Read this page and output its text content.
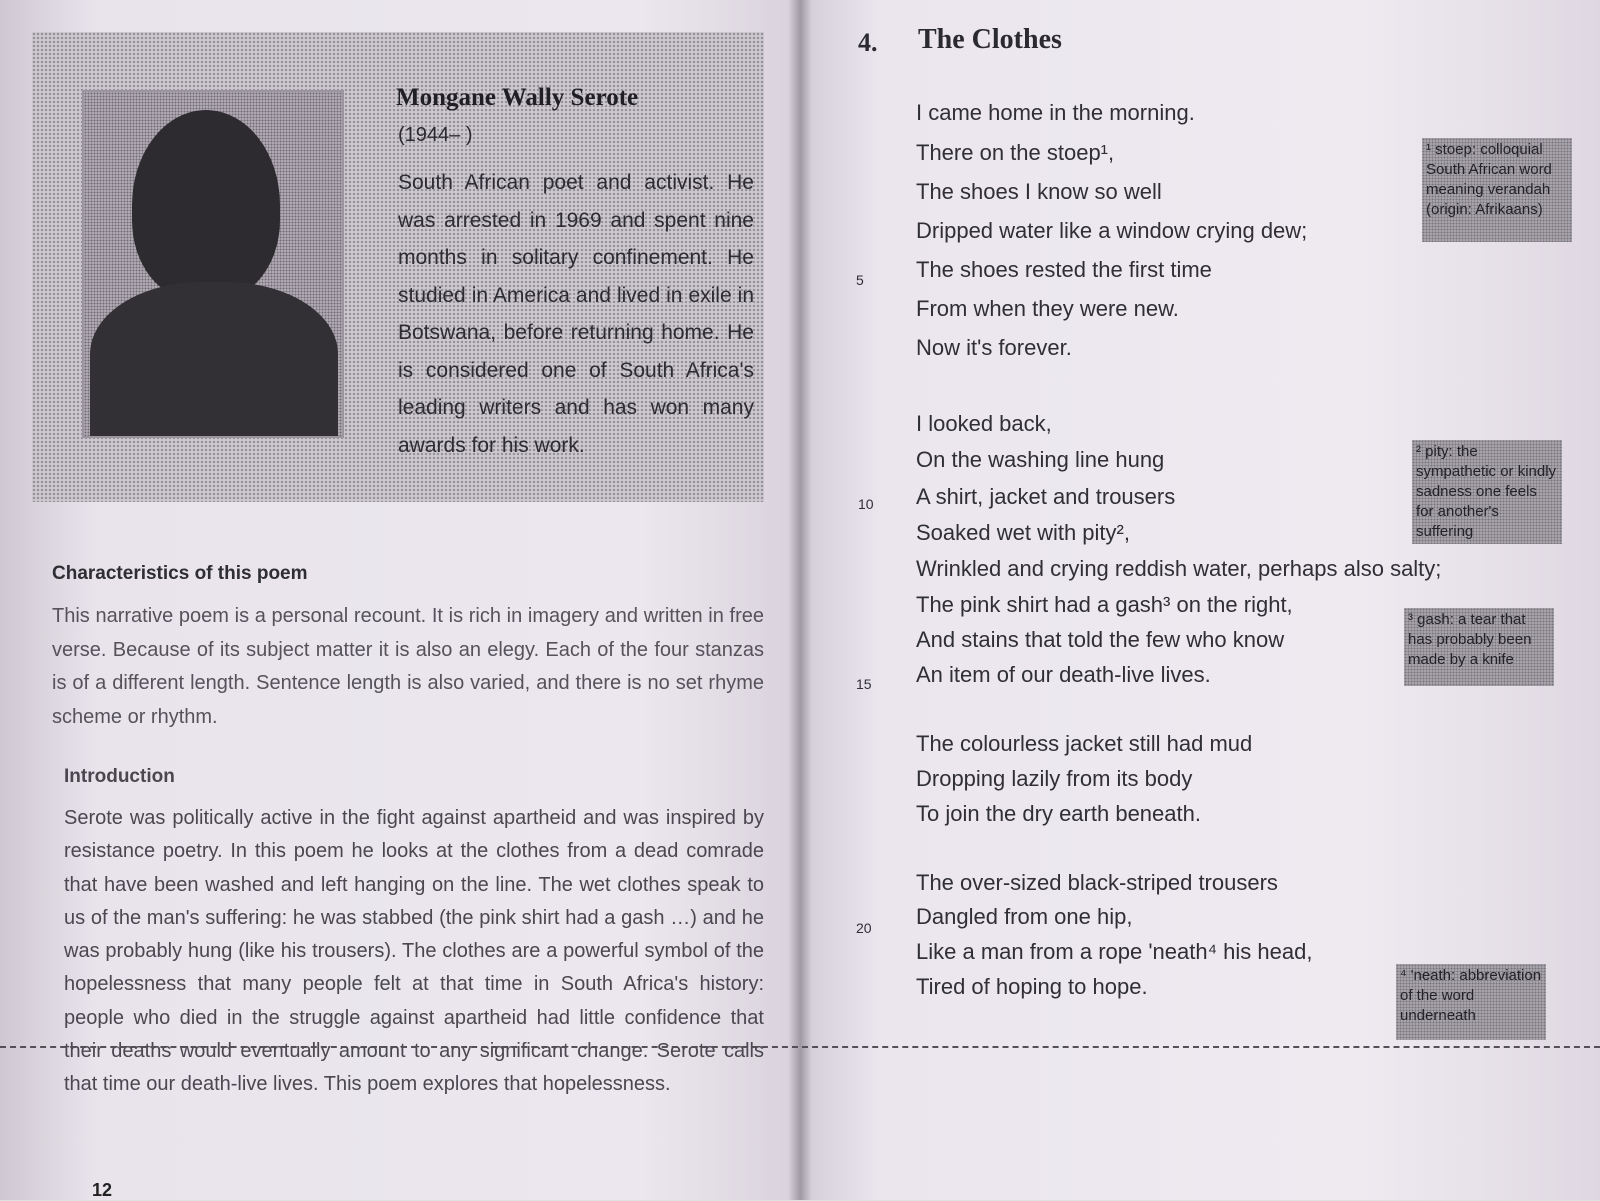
Mongane Wally Serote
(1944– )
South African poet and activist. He was arrested in 1969 and spent nine months in solitary confinement. He studied in America and lived in exile in Botswana, before returning home. He is considered one of South Africa's leading writers and has won many awards for his work.
Characteristics of this poem
This narrative poem is a personal recount. It is rich in imagery and written in free verse. Because of its subject matter it is also an elegy. Each of the four stanzas is of a different length. Sentence length is also varied, and there is no set rhyme scheme or rhythm.
Introduction
Serote was politically active in the fight against apartheid and was inspired by resistance poetry. In this poem he looks at the clothes from a dead comrade that have been washed and left hanging on the line. The wet clothes speak to us of the man's suffering: he was stabbed (the pink shirt had a gash …) and he was probably hung (like his trousers). The clothes are a powerful symbol of the hopelessness that many people felt at that time in South Africa's history: people who died in the struggle against apartheid had little confidence that their deaths would eventually amount to any significant change. Serote calls that time our death-live lives. This poem explores that hopelessness.
12
4. The Clothes
I came home in the morning.
There on the stoep¹,
The shoes I know so well
Dripped water like a window crying dew;
The shoes rested the first time
From when they were new.
Now it's forever.
I looked back,
On the washing line hung
A shirt, jacket and trousers
Soaked wet with pity²,
Wrinkled and crying reddish water, perhaps also salty;
The pink shirt had a gash³ on the right,
And stains that told the few who know
An item of our death-live lives.
The colourless jacket still had mud
Dropping lazily from its body
To join the dry earth beneath.
The over-sized black-striped trousers
Dangled from one hip,
Like a man from a rope 'neath⁴ his head,
Tired of hoping to hope.
5
10
15
20
¹ stoep: colloquial South African word meaning verandah (origin: Afrikaans)
² pity: the sympathetic or kindly sadness one feels for another's suffering
³ gash: a tear that has probably been made by a knife
⁴ 'neath: abbreviation of the word underneath
